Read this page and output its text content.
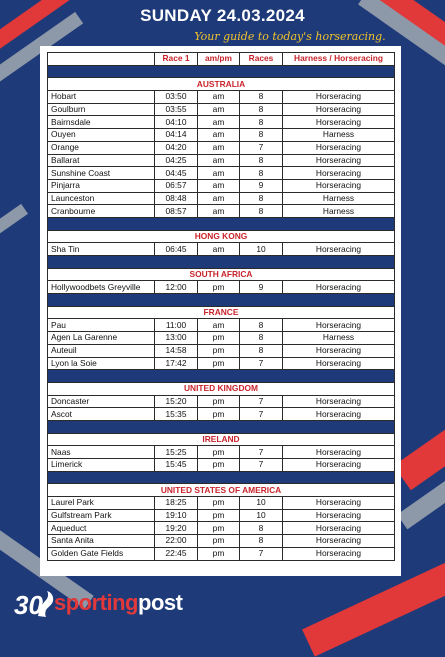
SUNDAY 24.03.2024
Your guide to today's horseracing.
	Race 1	am/pm	Races	Harness / Horseracing

AUSTRALIA				
Hobart	03:50	am	8	Horseracing
Goulburn	03:55	am	8	Horseracing
Bairnsdale	04:10	am	8	Horseracing
Ouyen	04:14	am	8	Harness
Orange	04:20	am	7	Horseracing
Ballarat	04:25	am	8	Horseracing
Sunshine Coast	04:45	am	8	Horseracing
Pinjarra	06:57	am	9	Horseracing
Launceston	08:48	am	8	Harness
Cranbourne	08:57	am	8	Harness

HONG KONG				
Sha Tin	06:45	am	10	Horseracing

SOUTH AFRICA				
Hollywoodbets Greyville	12:00	pm	9	Horseracing

FRANCE				
Pau	11:00	am	8	Horseracing
Agen La Garenne	13:00	pm	8	Harness
Auteuil	14:58	pm	8	Horseracing
Lyon la Soie	17:42	pm	7	Horseracing

UNITED KINGDOM				
Doncaster	15:20	pm	7	Horseracing
Ascot	15:35	pm	7	Horseracing

IRELAND				
Naas	15:25	pm	7	Horseracing
Limerick	15:45	pm	7	Horseracing

UNITED STATES OF AMERICA				
Laurel Park	18:25	pm	10	Horseracing
Gulfstream Park	19:10	pm	10	Horseracing
Aqueduct	19:20	pm	8	Horseracing
Santa Anita	22:00	pm	8	Horseracing
Golden Gate Fields	22:45	pm	7	Horseracing
30 sportingpost
